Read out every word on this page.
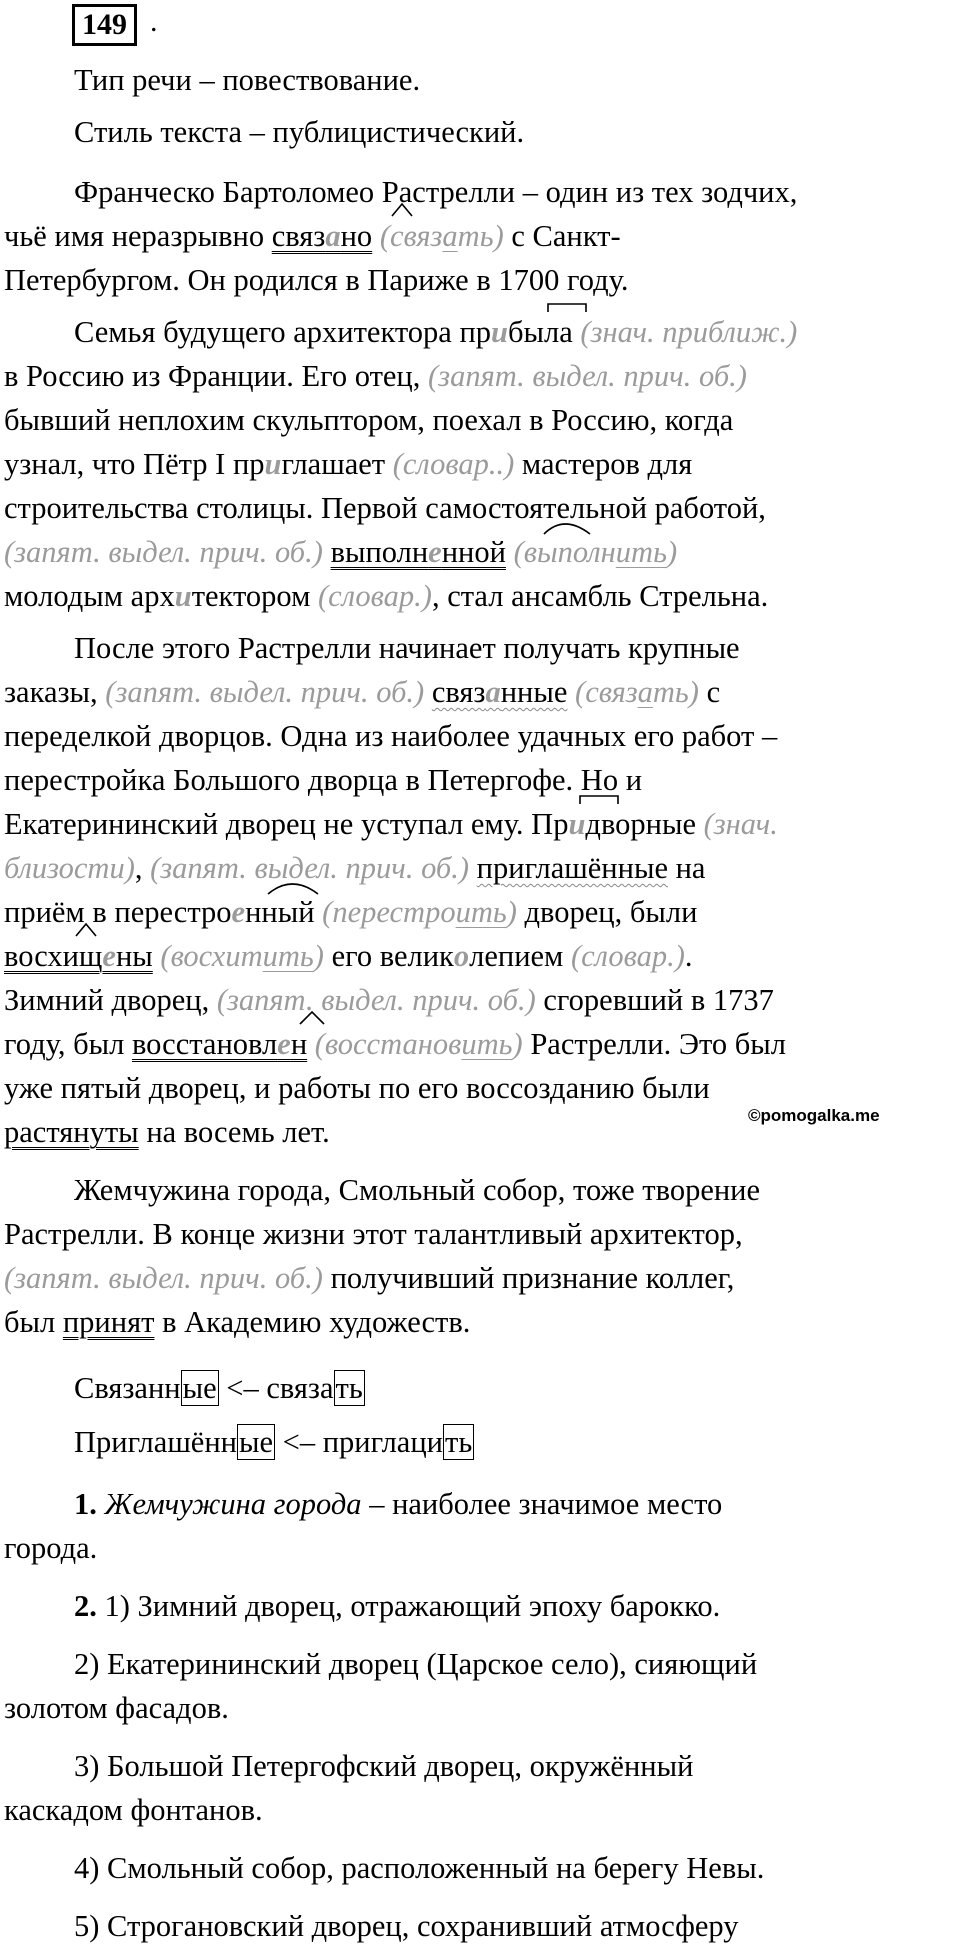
149 .
Тип речи – повествование.
Стиль текста – публицистический.
Франческо Бартоломео Растрелли – один из тех зодчих,
чьё имя неразрывно связано (связать) с Санкт-
Петербургом. Он родился в Париже в 1700 году.
Семья будущего архитектора прибыла (знач. приближ.)
в Россию из Франции. Его отец, (запят. выдел. прич. об.)
бывший неплохим скульптором, поехал в Россию, когда
узнал, что Пётр I приглашает (словар..) мастеров для
строительства столицы. Первой самостоятельной работой,
(запят. выдел. прич. об.) выполненной (выполнить)
молодым архитектором (словар.), стал ансамбль Стрельна.
После этого Растрелли начинает получать крупные
заказы, (запят. выдел. прич. об.) связанные (связать) с
переделкой дворцов. Одна из наиболее удачных его работ –
перестройка Большого дворца в Петергофе. Но и
Екатерининский дворец не уступал ему. Придворные (знач.
близости), (запят. выдел. прич. об.) приглашённые на
приём в перестроенный (перестроить) дворец, были
восхищены (восхитить) его великолепием (словар.).
Зимний дворец, (запят. выдел. прич. об.) сгоревший в 1737
году, был восстановлен (восстановить) Растрелли. Это был
уже пятый дворец, и работы по его воссозданию были
растянуты на восемь лет.	©pomogalka.me
Жемчужина города, Смольный собор, тоже творение
Растрелли. В конце жизни этот талантливый архитектор,
(запят. выдел. прич. об.) получивший признание коллег,
был принят в Академию художеств.
Связанные <– связать
Приглашённые <– приглацить
1. Жемчужина города – наиболее значимое место
города.
2. 1) Зимний дворец, отражающий эпоху барокко.
2) Екатерининский дворец (Царское село), сияющий
золотом фасадов.
3) Большой Петергофский дворец, окружённый
каскадом фонтанов.
4) Смольный собор, расположенный на берегу Невы.
5) Строгановский дворец, сохранивший атмосферу
